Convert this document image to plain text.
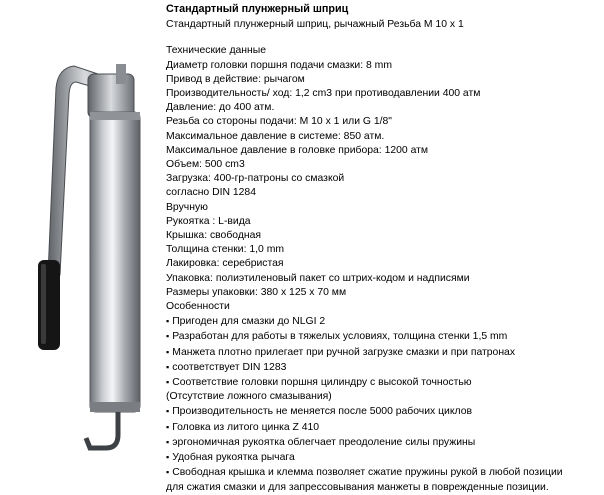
Стандартный плунжерный шприц
Стандартный плунжерный шприц, рычажный Резьба М 10 х 1
Технические данные
Диаметр головки поршня подачи смазки: 8 mm
Привод в действие: рычагом
Производительность/ ход: 1,2 cm3 при противодавлении 400 атм
Давление: до 400 атм.
Резьба со стороны подачи: М 10 х 1 или G 1/8"
Максимальное давление в системе: 850 атм.
Максимальное давление в головке прибора: 1200 атм
Объем: 500 cm3
Загрузка: 400-гр-патроны со смазкой
согласно DIN 1284
Вручную
Рукоятка : L-вида
Крышка: свободная
Толщина стенки: 1,0 mm
Лакировка: серебристая
Упаковка: полиэтиленовый пакет со штрих-кодом и надписями
Размеры упаковки: 380 х 125 х 70 мм
Особенности
▪ Пригоден для смазки до NLGI 2
▪ Разработан для работы в тяжелых условиях, толщина стенки 1,5 mm
▪ Манжета плотно прилегает при ручной загрузке смазки и при патронах
▪ соответствует DIN 1283
▪ Соответствие головки поршня цилиндру с высокой точностью
(Отсутствие ложного смазывания)
▪ Производительность не меняется после 5000 рабочих циклов
▪ Головка из литого цинка Z 410
▪ эргономичная рукоятка облегчает преодоление силы пружины
▪ Удобная рукоятка рычага
▪ Свободная крышка и клемма позволяет сжатие пружины рукой в любой позиции
для сжатия смазки и для запрессовывания манжеты в поврежденные позиции.
